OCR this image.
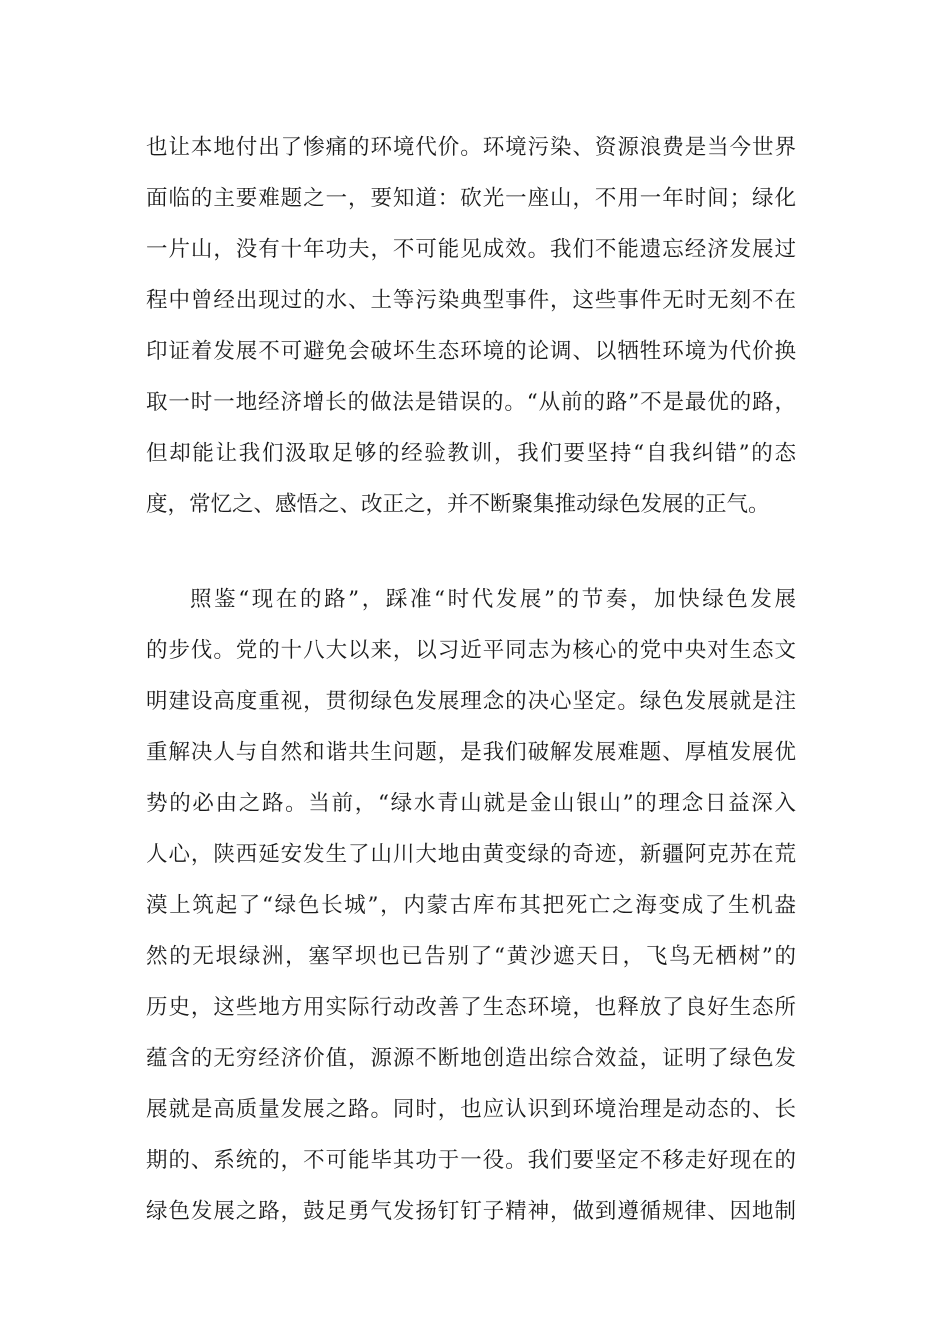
也让本地付出了惨痛的环境代价。环境污染、资源浪费是当今世界
面临的主要难题之一，要知道：砍光一座山，不用一年时间；绿化
一片山，没有十年功夫，不可能见成效。我们不能遗忘经济发展过
程中曾经出现过的水、土等污染典型事件，这些事件无时无刻不在
印证着发展不可避免会破坏生态环境的论调、以牺牲环境为代价换
取一时一地经济增长的做法是错误的。“从前的路”不是最优的路，
但却能让我们汲取足够的经验教训，我们要坚持“自我纠错”的态
度，常忆之、感悟之、改正之，并不断聚集推动绿色发展的正气。
照鉴“现在的路”，踩准“时代发展”的节奏，加快绿色发展
的步伐。党的十八大以来，以习近平同志为核心的党中央对生态文
明建设高度重视，贯彻绿色发展理念的决心坚定。绿色发展就是注
重解决人与自然和谐共生问题，是我们破解发展难题、厚植发展优
势的必由之路。当前，“绿水青山就是金山银山”的理念日益深入
人心，陕西延安发生了山川大地由黄变绿的奇迹，新疆阿克苏在荒
漠上筑起了“绿色长城”，内蒙古库布其把死亡之海变成了生机盎
然的无垠绿洲，塞罕坝也已告别了“黄沙遮天日，飞鸟无栖树”的
历史，这些地方用实际行动改善了生态环境，也释放了良好生态所
蕴含的无穷经济价值，源源不断地创造出综合效益，证明了绿色发
展就是高质量发展之路。同时，也应认识到环境治理是动态的、长
期的、系统的，不可能毕其功于一役。我们要坚定不移走好现在的
绿色发展之路，鼓足勇气发扬钉钉子精神，做到遵循规律、因地制
